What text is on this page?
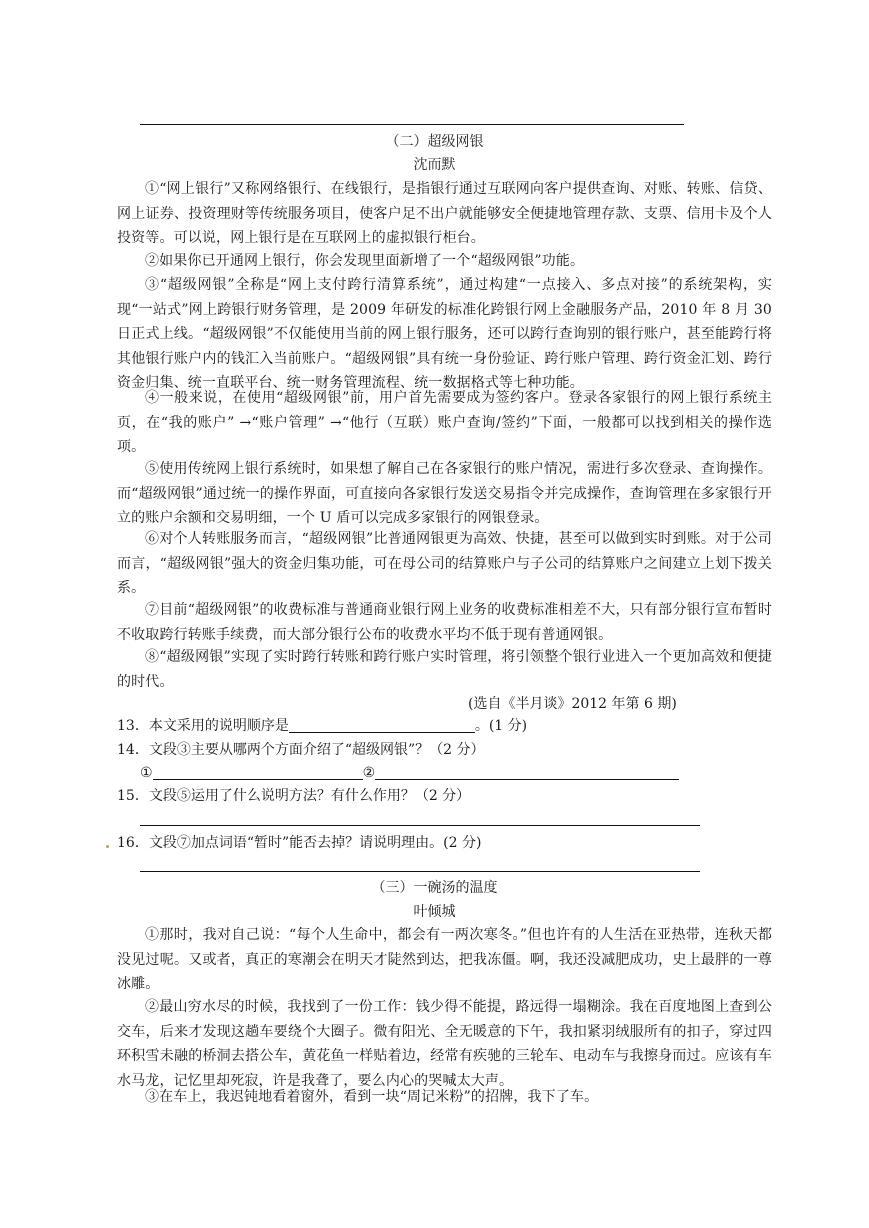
（二）超级网银
沈而默
①“网上银行”又称网络银行、在线银行，是指银行通过互联网向客户提供查询、对账、转账、信贷、网上证券、投资理财等传统服务项目，使客户足不出户就能够安全便捷地管理存款、支票、信用卡及个人投资等。可以说，网上银行是在互联网上的虚拟银行柜台。
②如果你已开通网上银行，你会发现里面新增了一个“超级网银”功能。
③“超级网银”全称是“网上支付跨行清算系统”，通过构建“一点接入、多点对接”的系统架构，实现“一站式”网上跨银行财务管理，是 2009 年研发的标准化跨银行网上金融服务产品，2010 年 8 月 30 日正式上线。“超级网银”不仅能使用当前的网上银行服务，还可以跨行查询别的银行账户，甚至能跨行将其他银行账户内的钱汇入当前账户。“超级网银”具有统一身份验证、跨行账户管理、跨行资金汇划、跨行资金归集、统一直联平台、统一财务管理流程、统一数据格式等七种功能。
④一般来说，在使用“超级网银”前，用户首先需要成为签约客户。登录各家银行的网上银行系统主页，在“我的账户” →“账户管理” →“他行（互联）账户查询/签约”下面，一般都可以找到相关的操作选项。
⑤使用传统网上银行系统时，如果想了解自己在各家银行的账户情况，需进行多次登录、查询操作。而“超级网银”通过统一的操作界面，可直接向各家银行发送交易指令并完成操作，查询管理在多家银行开立的账户余额和交易明细，一个 U 盾可以完成多家银行的网银登录。
⑥对个人转账服务而言，“超级网银”比普通网银更为高效、快捷，甚至可以做到实时到账。对于公司而言，“超级网银”强大的资金归集功能，可在母公司的结算账户与子公司的结算账户之间建立上划下拨关系。
⑦目前“超级网银”的收费标准与普通商业银行网上业务的收费标准相差不大，只有部分银行宣布暂时不收取跨行转账手续费，而大部分银行公布的收费水平均不低于现有普通网银。
⑧“超级网银”实现了实时跨行转账和跨行账户实时管理，将引领整个银行业进入一个更加高效和便捷的时代。
(选自《半月谈》2012 年第 6 期)
13．本文采用的说明顺序是	。(1 分)
14．文段③主要从哪两个方面介绍了“超级网银”？（2 分）
①	②
15．文段⑤运用了什么说明方法？有什么作用？（2 分）
16．文段⑦加点词语“暂时”能否去掉？请说明理由。(2 分)
（三）一碗汤的温度
叶倾城
①那时，我对自己说：“每个人生命中，都会有一两次寒冬。”但也许有的人生活在亚热带，连秋天都没见过呢。又或者，真正的寒潮会在明天才陡然到达，把我冻僵。啊，我还没减肥成功，史上最胖的一尊冰雕。
②最山穷水尽的时候，我找到了一份工作：钱少得不能提，路远得一塌糊涂。我在百度地图上查到公交车，后来才发现这趟车要绕个大圈子。微有阳光、全无暖意的下午，我扣紧羽绒服所有的扣子，穿过四环积雪未融的桥洞去搭公车，黄花鱼一样贴着边，经常有疾驰的三轮车、电动车与我擦身而过。应该有车水马龙，记忆里却死寂，许是我聋了，要么内心的哭喊太大声。
③在车上，我迟钝地看着窗外，看到一块“周记米粉”的招牌，我下了车。
